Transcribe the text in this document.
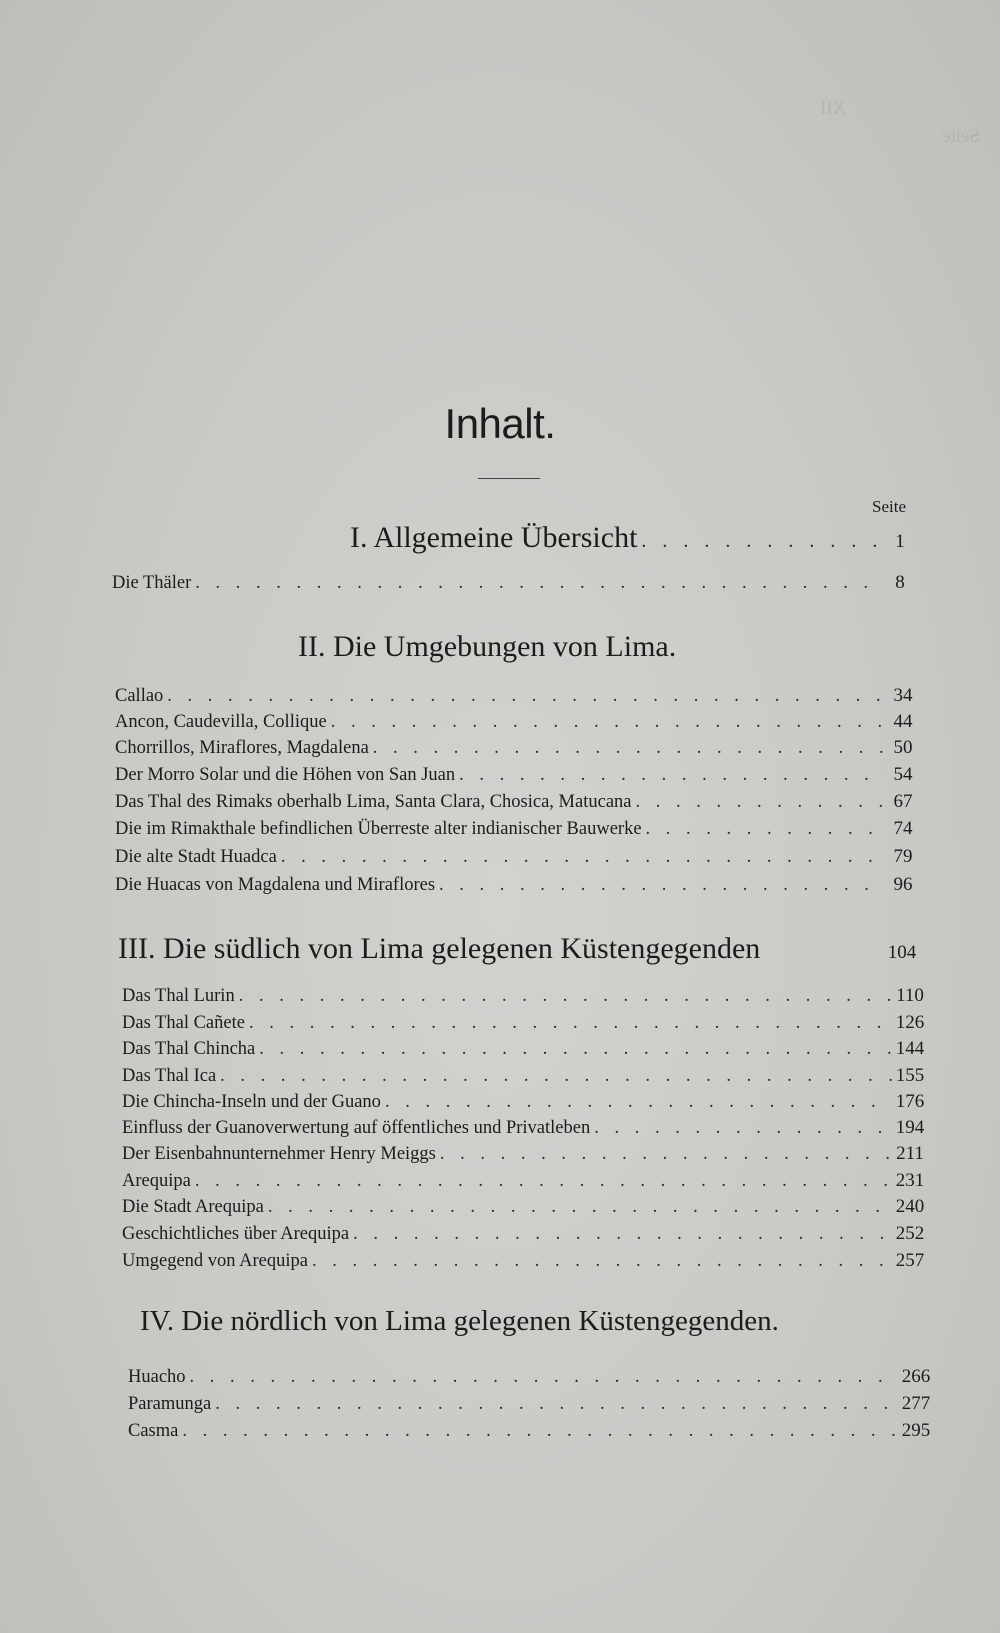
Inhalt.
Seite
I. Allgemeine Übersicht . . .	1
Die Thäler . . .	8
II. Die Umgebungen von Lima.
Callao . . .	34
Ancon, Caudevilla, Collique . . .	44
Chorrillos, Miraflores, Magdalena . . .	50
Der Morro Solar und die Höhen von San Juan . . .	54
Das Thal des Rimaks oberhalb Lima, Santa Clara, Chosica, Matucana . . .	67
Die im Rimakthale befindlichen Überreste alter indianischer Bauwerke . . .	74
Die alte Stadt Huadca . . .	79
Die Huacas von Magdalena und Miraflores . . .	96
III. Die südlich von Lima gelegenen Küstengegenden	104
Das Thal Lurin . . .	110
Das Thal Cañete . . .	126
Das Thal Chincha . . .	144
Das Thal Ica . . .	155
Die Chincha-Inseln und der Guano . . .	176
Einfluss der Guanoverwertung auf öffentliches und Privatleben . . .	194
Der Eisenbahnunternehmer Henry Meiggs . . .	211
Arequipa . . .	231
Die Stadt Arequipa . . .	240
Geschichtliches über Arequipa . . .	252
Umgegend von Arequipa . . .	257
IV. Die nördlich von Lima gelegenen Küstengegenden.
Huacho . . .	266
Paramunga . . .	277
Casma . . .	295
XII
Seite
